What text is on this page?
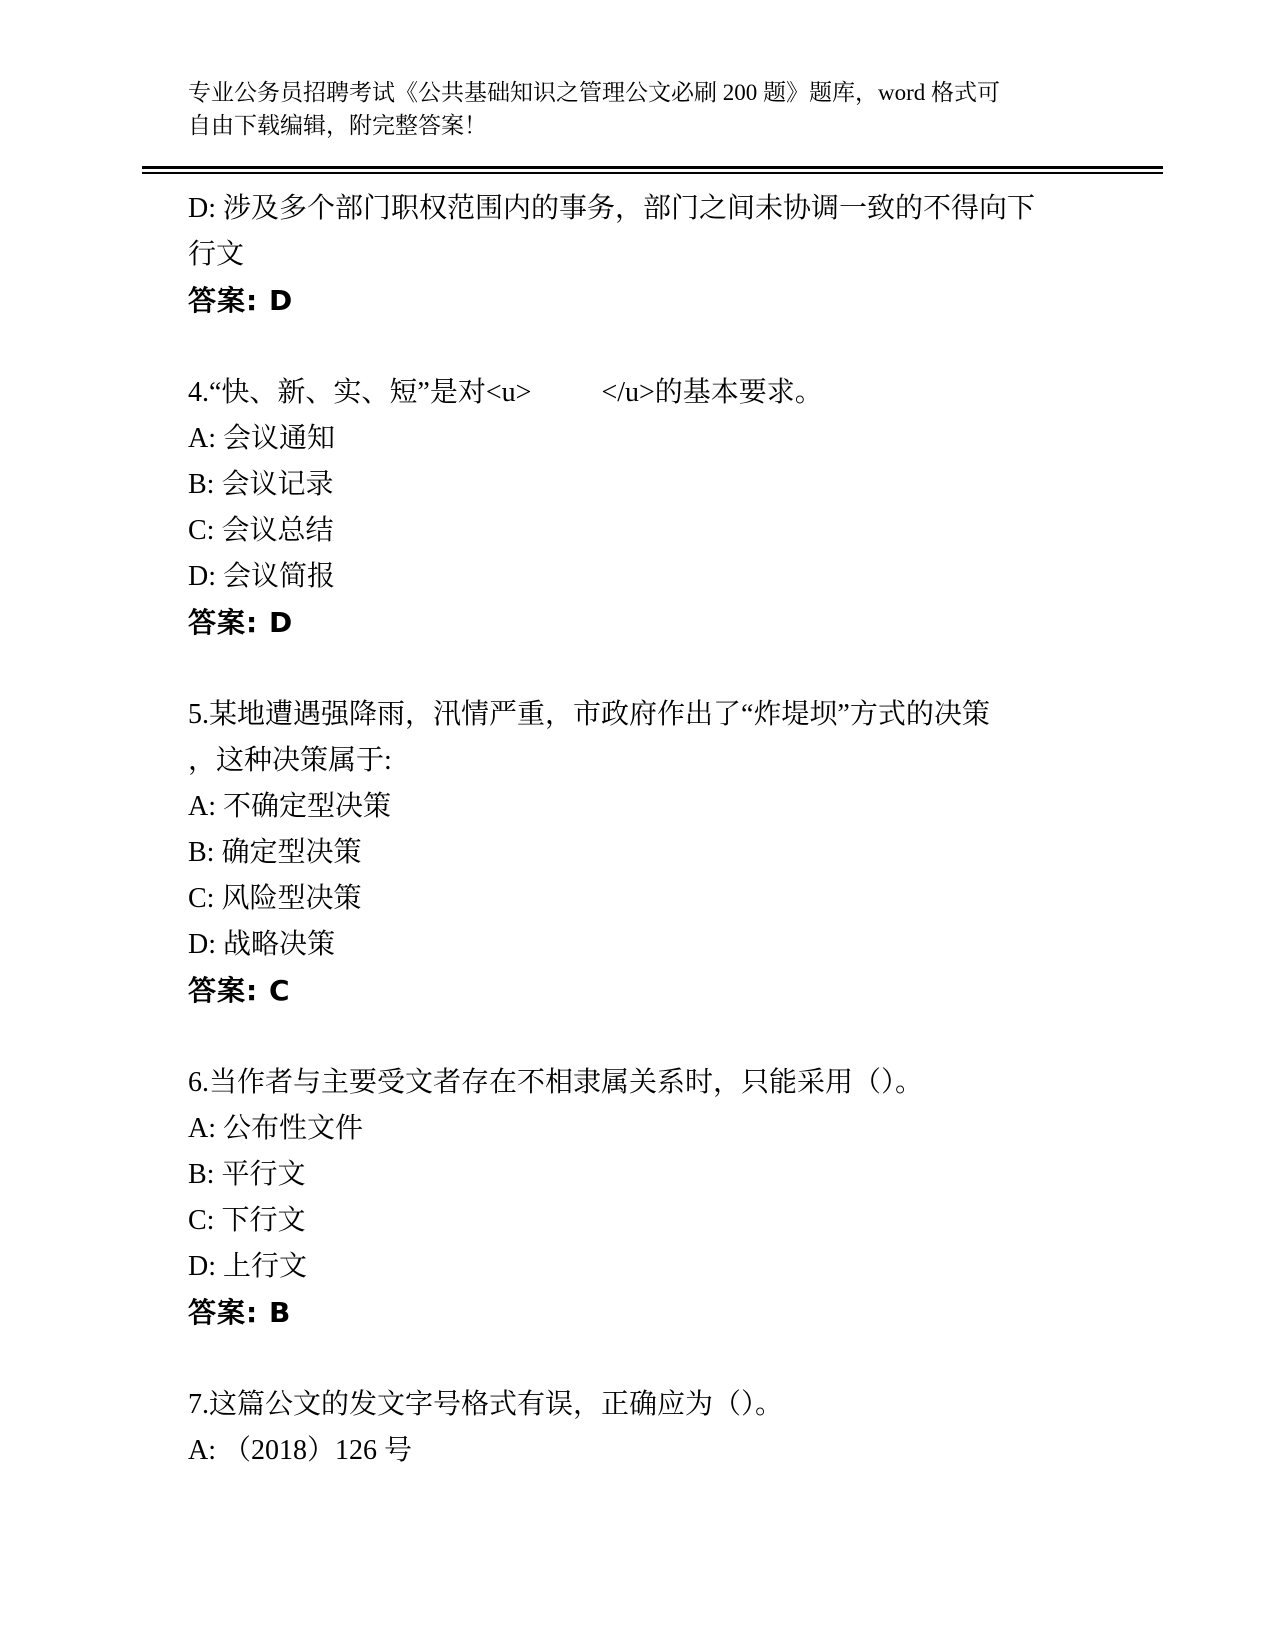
专业公务员招聘考试《公共基础知识之管理公文必刷 200 题》题库，word 格式可
自由下载编辑，附完整答案！
D: 涉及多个部门职权范围内的事务，部门之间未协调一致的不得向下
行文
答案: D
4.“快、新、实、短”是对<u>          </u>的基本要求。
A: 会议通知
B: 会议记录
C: 会议总结
D: 会议简报
答案: D
5.某地遭遇强降雨，汛情严重，市政府作出了“炸堤坝”方式的决策
，这种决策属于:
A: 不确定型决策
B: 确定型决策
C: 风险型决策
D: 战略决策
答案: C
6.当作者与主要受文者存在不相隶属关系时，只能采用（）。
A: 公布性文件
B: 平行文
C: 下行文
D: 上行文
答案: B
7.这篇公文的发文字号格式有误，正确应为（）。
A: （2018）126 号
